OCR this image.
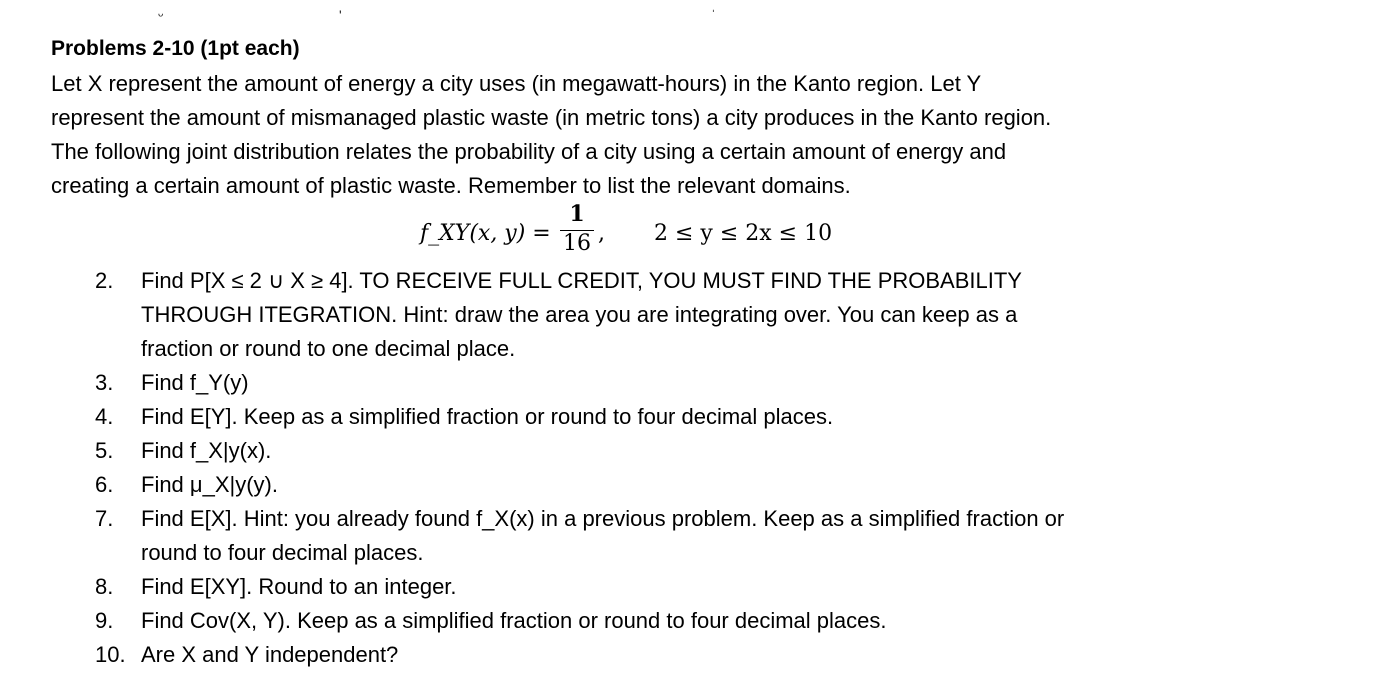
ᵕ	ʹ	ˈ
Problems 2-10 (1pt each)
Let X represent the amount of energy a city uses (in megawatt-hours) in the Kanto region. Let Y
represent the amount of mismanaged plastic waste (in metric tons) a city produces in the Kanto region.
The following joint distribution relates the probability of a city using a certain amount of energy and
creating a certain amount of plastic waste. Remember to list the relevant domains.
f_XY(x, y) =
1
16 , 2 ≤ y ≤ 2x ≤ 10
2.	Find P[X ≤ 2 ∪ X ≥ 4]. TO RECEIVE FULL CREDIT, YOU MUST FIND THE PROBABILITY
THROUGH ITEGRATION. Hint: draw the area you are integrating over. You can keep as a
fraction or round to one decimal place.
3.	Find f_Y(y)
4.	Find E[Y]. Keep as a simplified fraction or round to four decimal places.
5.	Find f_X|y(x).
6.	Find μ_X|y(y).
7.	Find E[X]. Hint: you already found f_X(x) in a previous problem. Keep as a simplified fraction or
round to four decimal places.
8.	Find E[XY]. Round to an integer.
9.	Find Cov(X, Y). Keep as a simplified fraction or round to four decimal places.
10. Are X and Y independent?
